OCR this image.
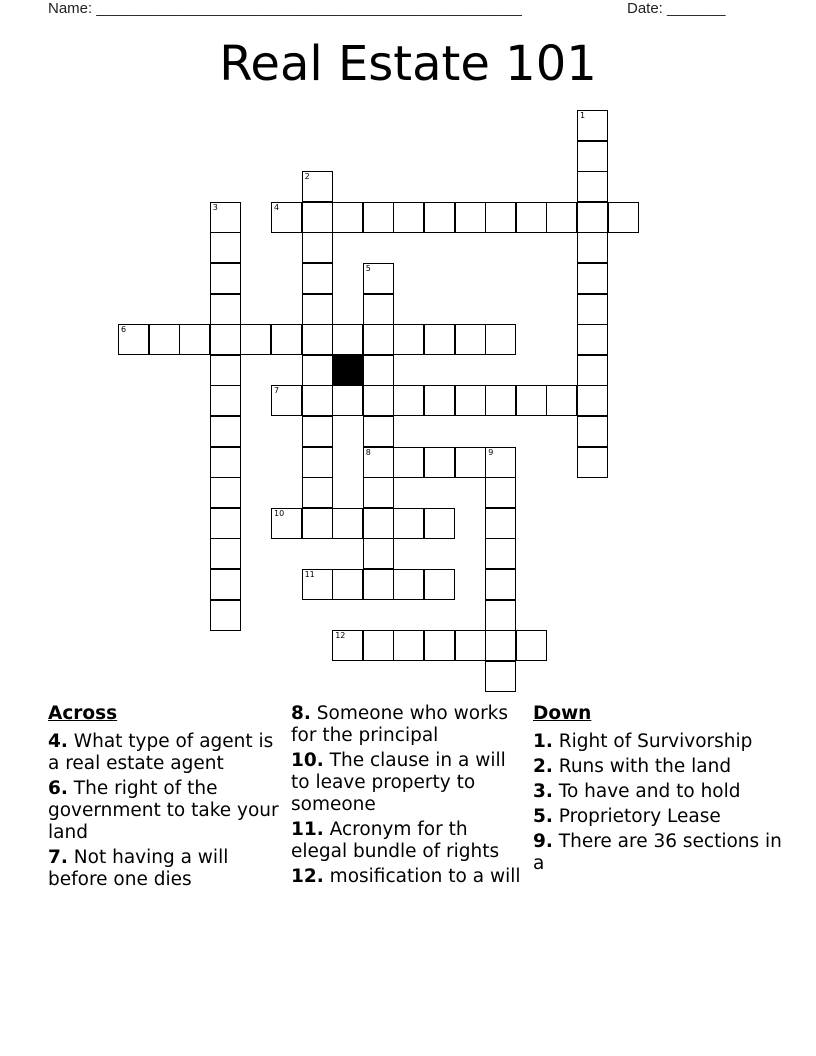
Name: ___________________________________________________	Date: _______
Real Estate 101
1
2
3	4
5
8
6
7
9
10
11
12
Across
4. What type of agent is a real estate agent
6. The right of the government to take your land
7. Not having a will before one dies
8. Someone who works for the principal
10. The clause in a will to leave property to someone
11. Acronym for th elegal bundle of rights
12. mosification to a will
Down
1. Right of Survivorship
2. Runs with the land
3. To have and to hold
5. Proprietory Lease
9. There are 36 sections in a
